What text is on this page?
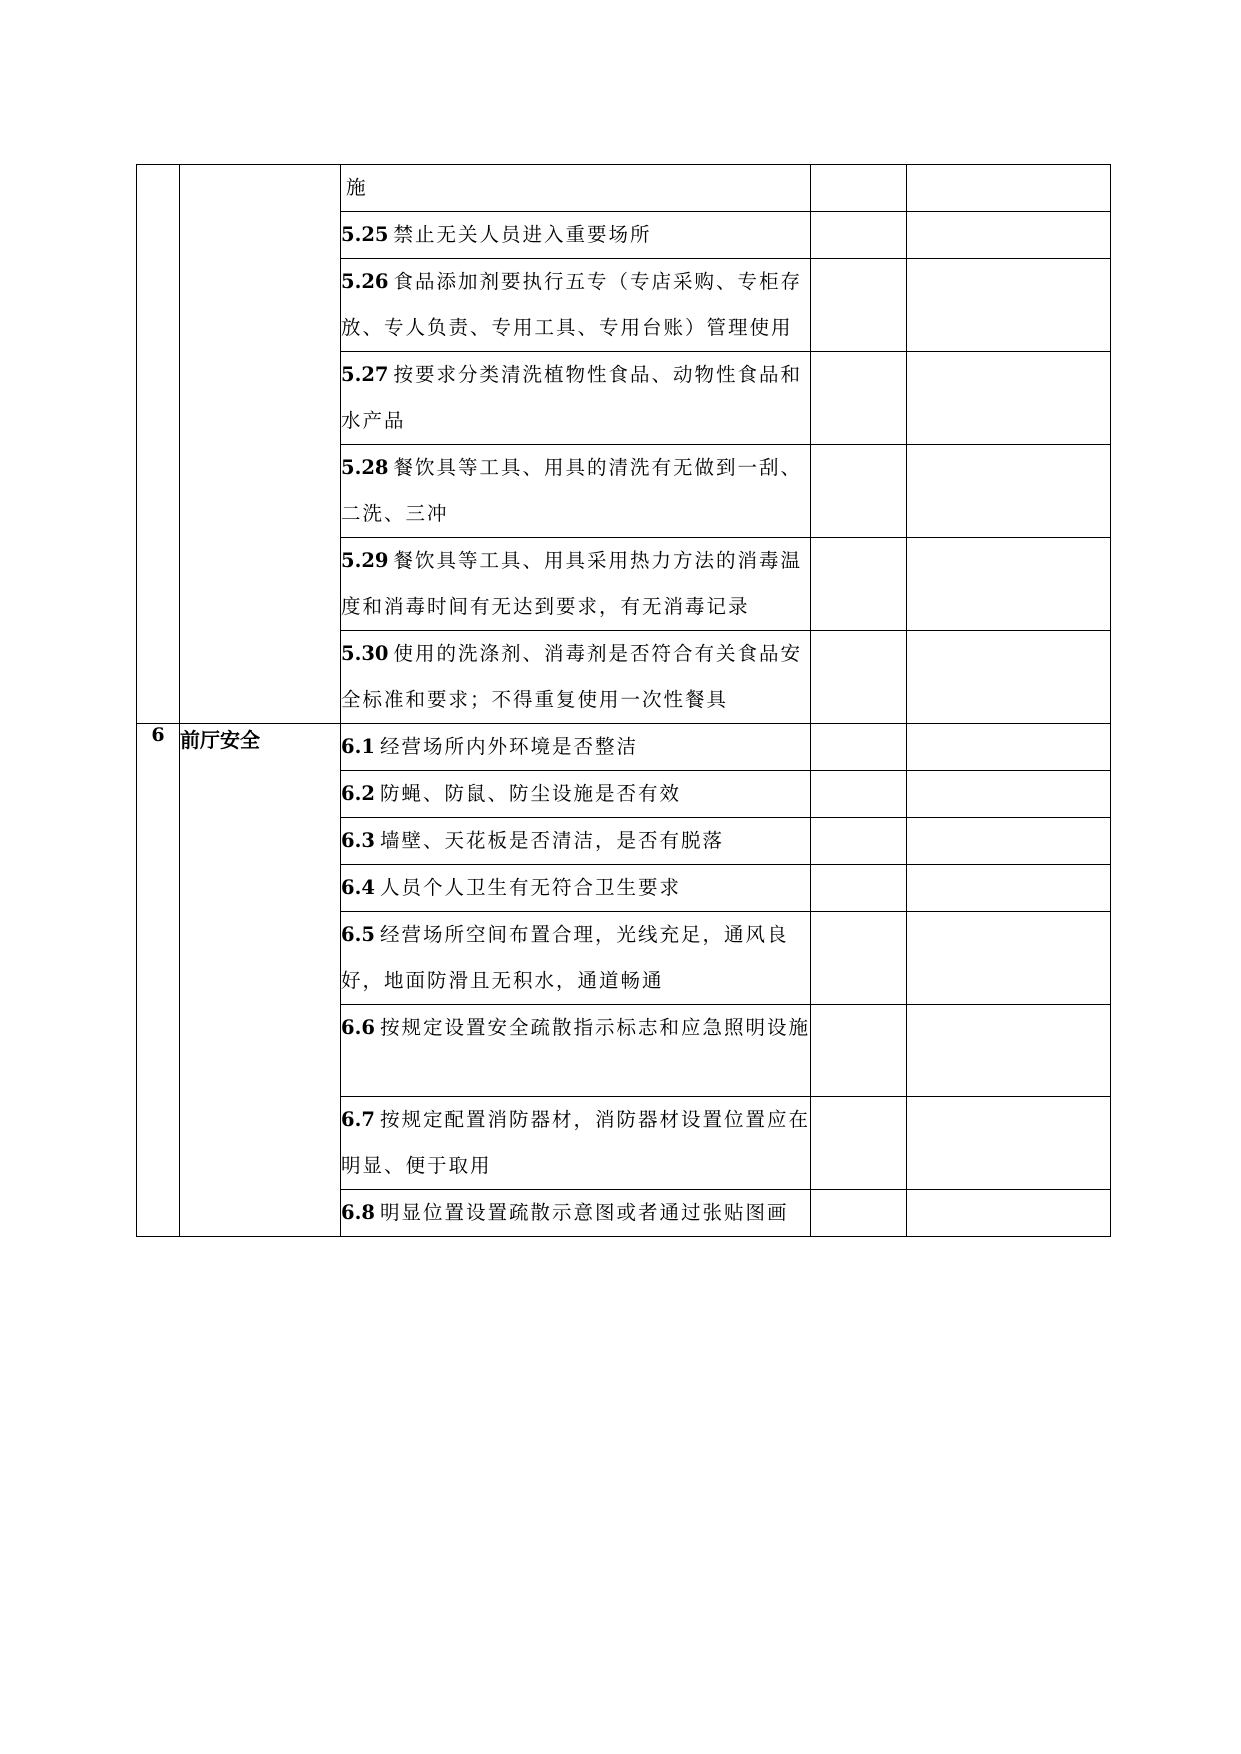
		施		
		5.25 禁止无关人员进入重要场所		
		5.26 食品添加剂要执行五专（专店采购、专柜存放、专人负责、专用工具、专用台账）管理使用		
		5.27 按要求分类清洗植物性食品、动物性食品和水产品		
		5.28 餐饮具等工具、用具的清洗有无做到一刮、二洗、三冲		
		5.29 餐饮具等工具、用具采用热力方法的消毒温度和消毒时间有无达到要求，有无消毒记录		
		5.30 使用的洗涤剂、消毒剂是否符合有关食品安全标准和要求；不得重复使用一次性餐具		
6	前厅安全	6.1 经营场所内外环境是否整洁		
		6.2 防蝇、防鼠、防尘设施是否有效		
		6.3 墙壁、天花板是否清洁，是否有脱落		
		6.4 人员个人卫生有无符合卫生要求		
		6.5 经营场所空间布置合理，光线充足，通风良好，地面防滑且无积水，通道畅通		
		6.6 按规定设置安全疏散指示标志和应急照明设施		
		6.7 按规定配置消防器材，消防器材设置位置应在明显、便于取用		
		6.8 明显位置设置疏散示意图或者通过张贴图画		
